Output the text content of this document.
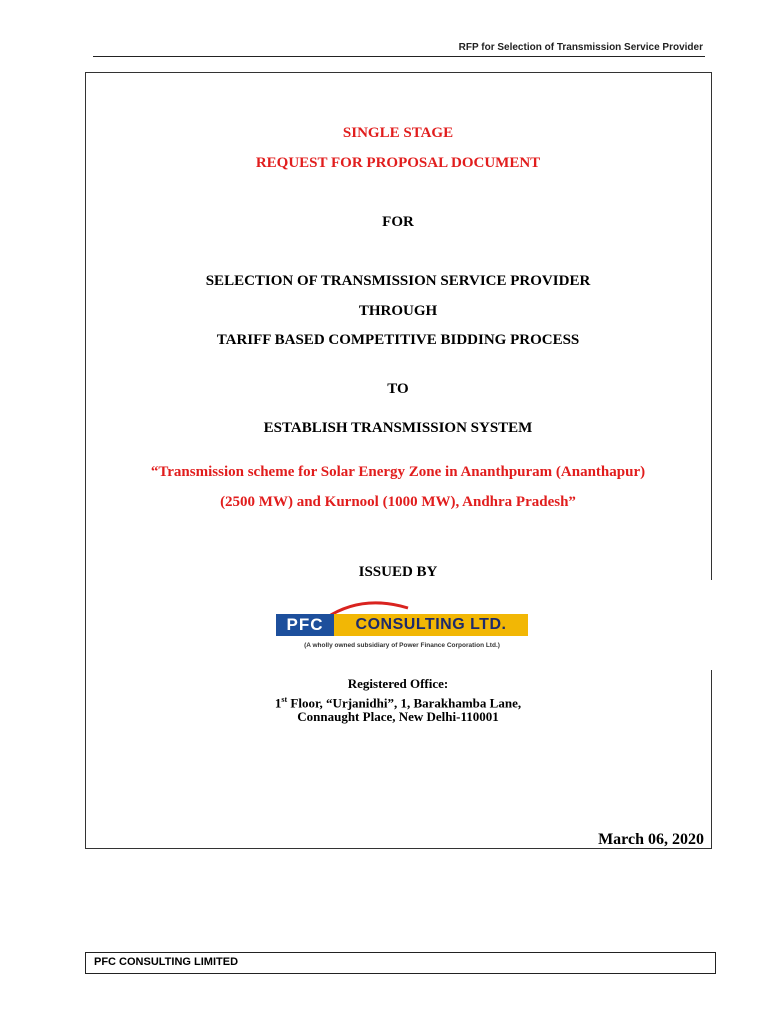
RFP for Selection of Transmission Service Provider
SINGLE STAGE
REQUEST FOR PROPOSAL DOCUMENT
FOR
SELECTION OF TRANSMISSION SERVICE PROVIDER
THROUGH
TARIFF BASED COMPETITIVE BIDDING PROCESS
TO
ESTABLISH TRANSMISSION SYSTEM
“Transmission scheme for Solar Energy Zone in Ananthpuram (Ananthapur)
(2500 MW) and Kurnool (1000 MW), Andhra Pradesh”
ISSUED BY
PFC	CONSULTING LTD.
(A wholly owned subsidiary of Power Finance Corporation Ltd.)
Registered Office:
1st Floor, “Urjanidhi”, 1, Barakhamba Lane,
Connaught Place, New Delhi-110001
March 06, 2020
PFC CONSULTING LIMITED
